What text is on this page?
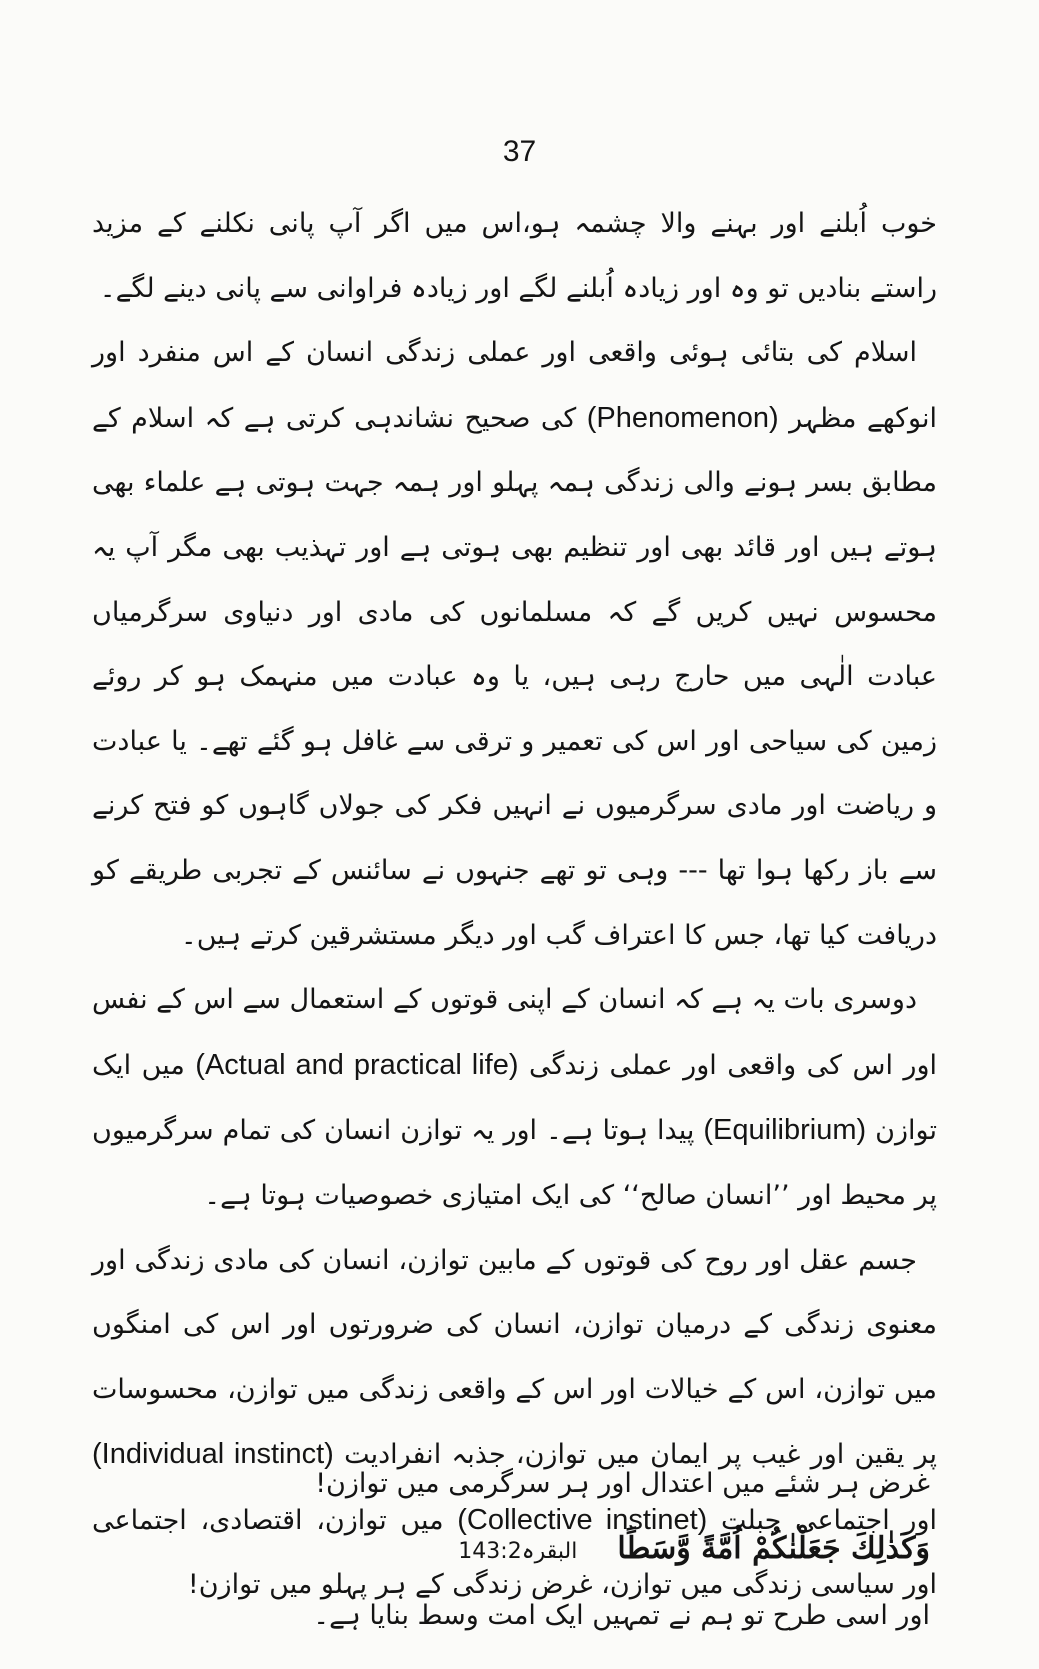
37

خوب اُبلنے اور بہنے والا چشمہ ہو،اس میں اگر آپ پانی نکلنے کے مزید راستے بنادیں تو وہ اور زیادہ اُبلنے لگے اور زیادہ فراوانی سے پانی دینے لگے۔

اسلام کی بتائی ہوئی واقعی اور عملی زندگی انسان کے اس منفرد اور انوکھے مظہر (Phenomenon) کی صحیح نشاندہی کرتی ہے کہ اسلام کے مطابق بسر ہونے والی زندگی ہمہ پہلو اور ہمہ جہت ہوتی ہے علماء بھی ہوتے ہیں اور قائد بھی اور تنظیم بھی ہوتی ہے اور تہذیب بھی مگر آپ یہ محسوس نہیں کریں گے کہ مسلمانوں کی مادی اور دنیاوی سرگرمیاں عبادت الٰہی میں حارج رہی ہیں، یا وہ عبادت میں منہمک ہو کر روئے زمین کی سیاحی اور اس کی تعمیر و ترقی سے غافل ہو گئے تھے۔ یا عبادت و ریاضت اور مادی سرگرمیوں نے انہیں فکر کی جولاں گاہوں کو فتح کرنے سے باز رکھا ہوا تھا --- وہی تو تھے جنہوں نے سائنس کے تجربی طریقے کو دریافت کیا تھا، جس کا اعتراف گب اور دیگر مستشرقین کرتے ہیں۔

دوسری بات یہ ہے کہ انسان کے اپنی قوتوں کے استعمال سے اس کے نفس اور اس کی واقعی اور عملی زندگی (Actual and practical life) میں ایک توازن (Equilibrium) پیدا ہوتا ہے۔ اور یہ توازن انسان کی تمام سرگرمیوں پر محیط اور ’’انسان صالح‘‘ کی ایک امتیازی خصوصیات ہوتا ہے۔

جسم عقل اور روح کی قوتوں کے مابین توازن، انسان کی مادی زندگی اور معنوی زندگی کے درمیان توازن، انسان کی ضرورتوں اور اس کی امنگوں میں توازن، اس کے خیالات اور اس کے واقعی زندگی میں توازن، محسوسات پر یقین اور غیب پر ایمان میں توازن، جذبہ انفرادیت (Individual instinct) اور اجتماعی جبلت (Collective instinet) میں توازن، اقتصادی، اجتماعی اور سیاسی زندگی میں توازن، غرض زندگی کے ہر پہلو میں توازن!

غرض ہر شئے میں اعتدال اور ہر سرگرمی میں توازن!

وَكَذٰلِكَ جَعَلْنٰكُمْ اُمَّةً وَّسَطًا
البقرہ143:2

اور اسی طرح تو ہم نے تمہیں ایک امت وسط بنایا ہے۔
